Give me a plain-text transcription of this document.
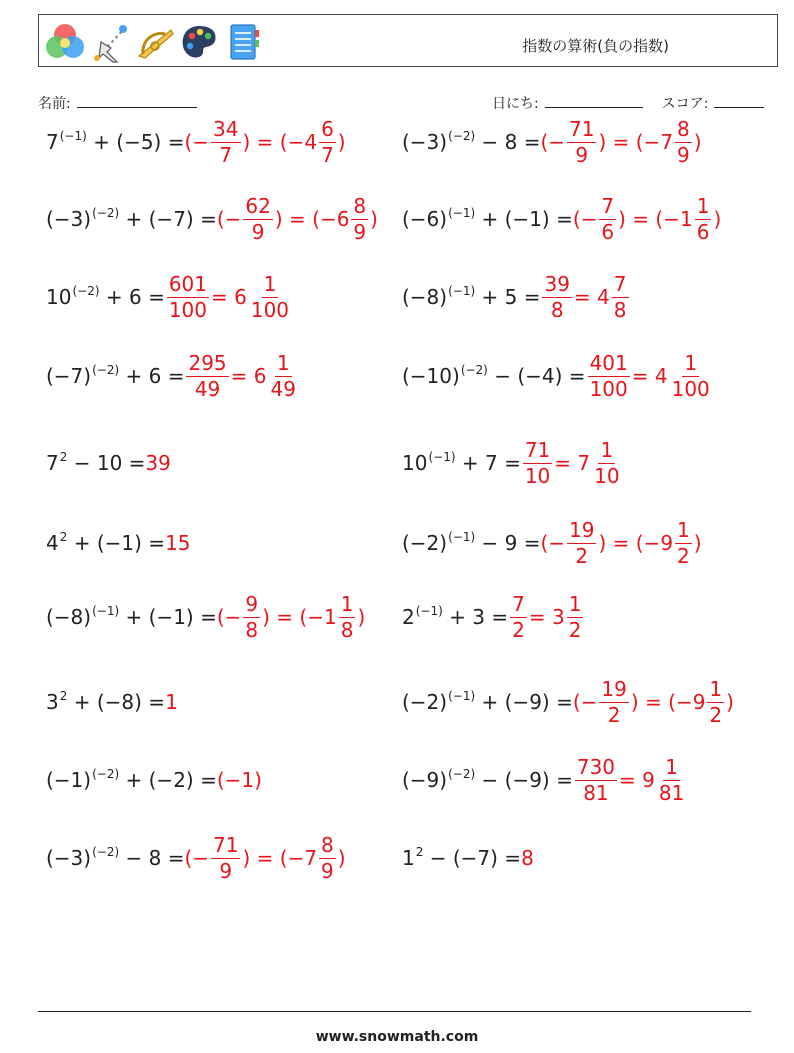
指数の算術(負の指数)
名前:	日にち:	スコア:
$7^{(-1)} + (-5)$ = (− $\frac{34}{7}$ ) = ($-4 \frac{6}{7}$ )	$(-3)^{(-2)} - 8$ = (− $\frac{71}{9}$ ) = ($-7 \frac{8}{9}$ )
$(-3)^{(-2)} + (-7)$ = (− $\frac{62}{9}$ ) = ($-6 \frac{8}{9}$ ) $(-6)^{(-1)} + (-1)$ = (− $\frac{7}{6}$ ) = ($-1 \frac{1}{6}$ )
$10^{(-2)} + 6 = \frac{601}{100} = 6 \frac{1}{100}$	$(-8)^{(-1)} + 5 = \frac{39}{8} = 4 \frac{7}{8}$
$(-7)^{(-2)} + 6 = \frac{295}{49} = 6 \frac{1}{49}$	$(-10)^{(-2)} - (-4) = \frac{401}{100} = 4 \frac{1}{100}$
$7^2 - 10 = 39$	$10^{(-1)} + 7 = \frac{71}{10} = 7 \frac{1}{10}$
$4^2 + (-1) = 15$	$(-2)^{(-1)} - 9$ = (− $\frac{19}{2}$ ) = ($-9 \frac{1}{2}$ )
$(-8)^{(-1)} + (-1)$ = (− $\frac{9}{8}$ ) = ($-1 \frac{1}{8}$ ) $2^{(-1)} + 3 = \frac{7}{2} = 3 \frac{1}{2}$
$3^2 + (-8) = 1$	$(-2)^{(-1)} + (-9)$ = (− $\frac{19}{2}$ ) = ($-9 \frac{1}{2}$ )
$(-1)^{(-2)} + (-2) = (-1)$	$(-9)^{(-2)} - (-9) = \frac{730}{81} = 9 \frac{1}{81}$
$(-3)^{(-2)} - 8$ = (− $\frac{71}{9}$ ) = ($-7 \frac{8}{9}$ )	$1^2 - (-7) = 8$
www.snowmath.com
